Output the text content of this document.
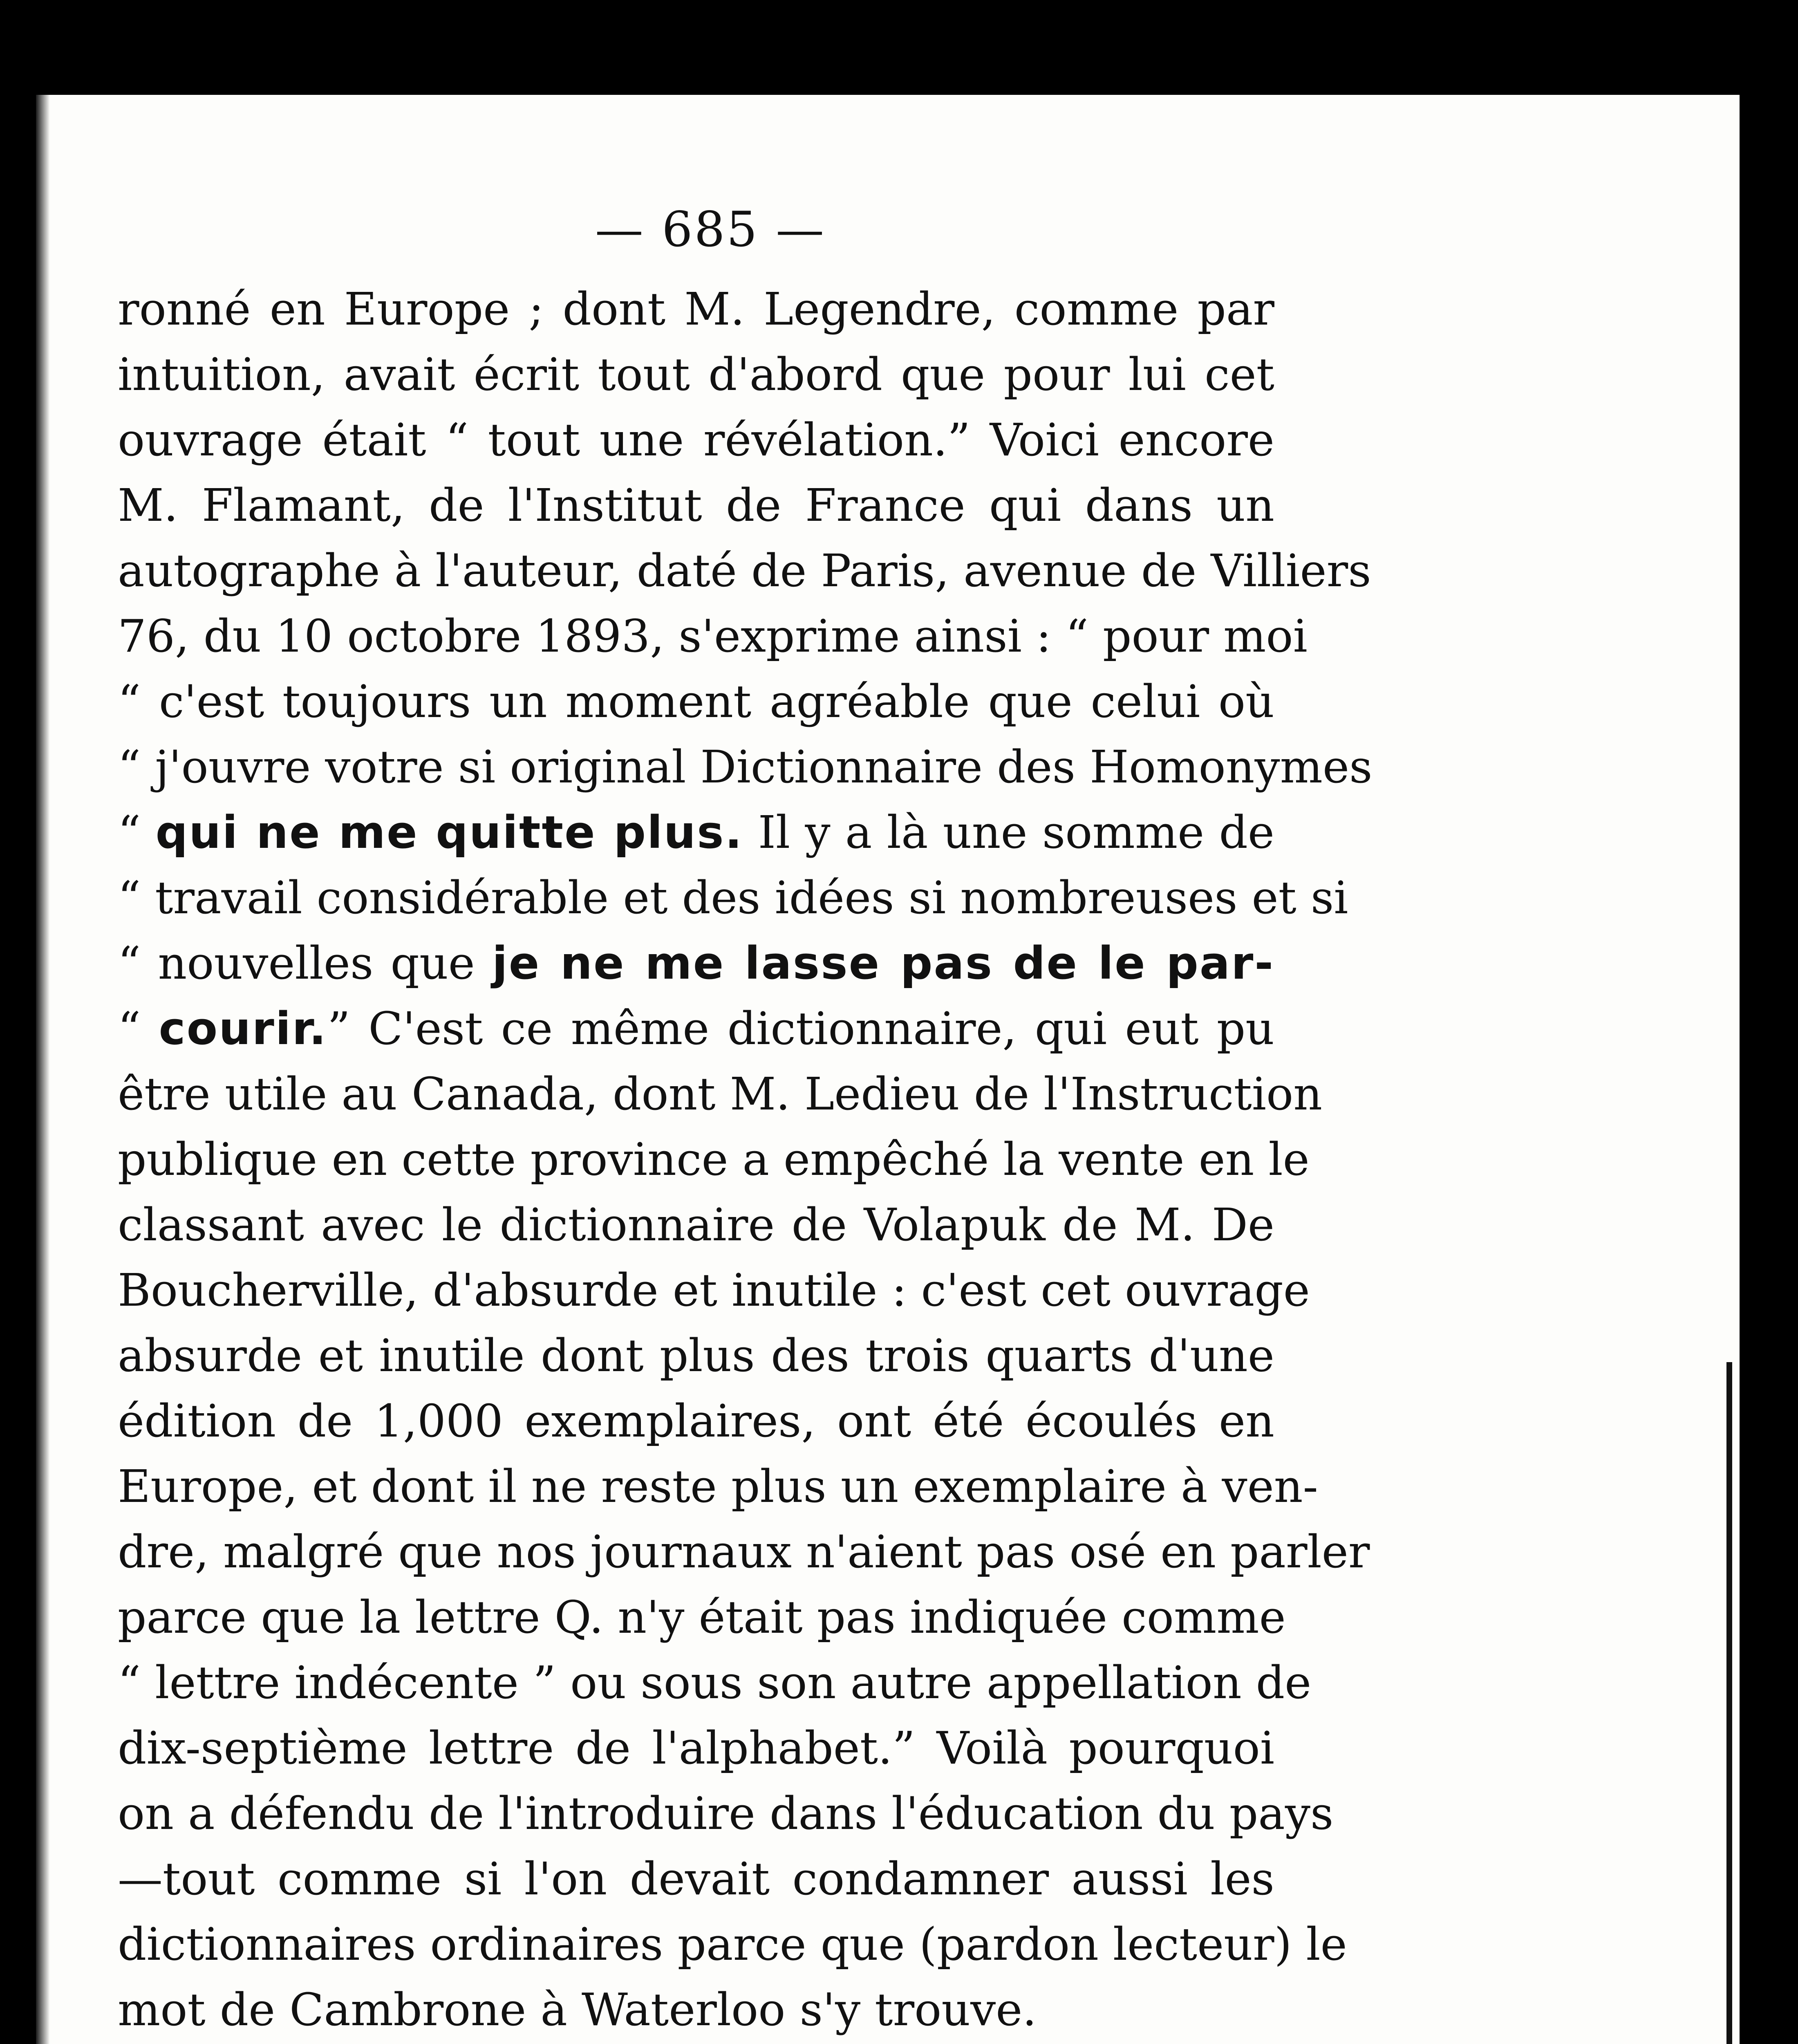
— 685 —
ronné en Europe ; dont M. Legendre, comme par
intuition, avait écrit tout d'abord que pour lui cet
ouvrage était “ tout une révélation.” Voici encore
M. Flamant, de l'Institut de France qui dans un
autographe à l'auteur, daté de Paris, avenue de Villiers
76, du 10 octobre 1893, s'exprime ainsi : “ pour moi
“ c'est toujours un moment agréable que celui où
“ j'ouvre votre si original Dictionnaire des Homonymes
“ qui ne me quitte plus. Il y a là une somme de
“ travail considérable et des idées si nombreuses et si
“ nouvelles que je ne me lasse pas de le par-
“ courir.” C'est ce même dictionnaire, qui eut pu
être utile au Canada, dont M. Ledieu de l'Instruction
publique en cette province a empêché la vente en le
classant avec le dictionnaire de Volapuk de M. De
Boucherville, d'absurde et inutile : c'est cet ouvrage
absurde et inutile dont plus des trois quarts d'une
édition de 1,000 exemplaires, ont été écoulés en
Europe, et dont il ne reste plus un exemplaire à ven-
dre, malgré que nos journaux n'aient pas osé en parler
parce que la lettre Q. n'y était pas indiquée comme
“ lettre indécente ” ou sous son autre appellation de
dix-septième lettre de l'alphabet.” Voilà pourquoi
on a défendu de l'introduire dans l'éducation du pays
—tout comme si l'on devait condamner aussi les
dictionnaires ordinaires parce que (pardon lecteur) le
mot de Cambrone à Waterloo s'y trouve.
